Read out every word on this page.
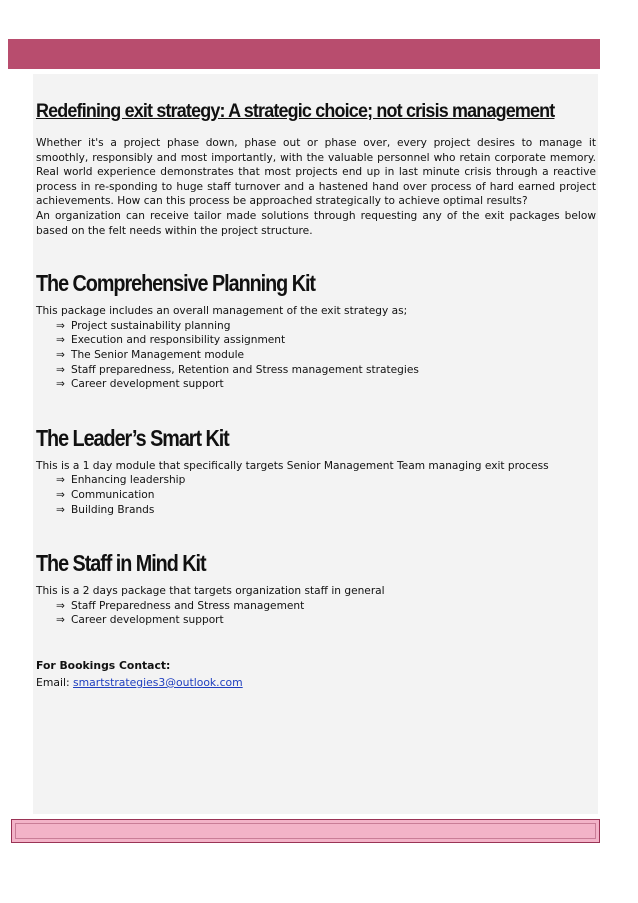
Redefining exit strategy: A strategic choice; not crisis management

Whether it's a project phase down, phase out or phase over, every project desires to manage it smoothly, responsibly and most importantly, with the valuable personnel who retain corporate memory. Real world experience demonstrates that most projects end up in last minute crisis through a reactive process in re-sponding to huge staff turnover and a hastened hand over process of hard earned project achievements. How can this process be approached strategically to achieve optimal results?

An organization can receive tailor made solutions through requesting any of the exit packages below based on the felt needs within the project structure.

The Comprehensive Planning Kit

This package includes an overall management of the exit strategy as;

⇒ Project sustainability planning
⇒ Execution and responsibility assignment
⇒ The Senior Management module
⇒ Staff preparedness, Retention and Stress management strategies
⇒ Career development support
The Leader’s Smart Kit

This is a 1 day module that specifically targets Senior Management Team managing exit process

⇒ Enhancing leadership
⇒ Communication
⇒ Building Brands
The Staff in Mind Kit

This is a 2 days package that targets organization staff in general

⇒ Staff Preparedness and Stress management
⇒ Career development support
For Bookings Contact:
Email: smartstrategies3@outlook.com
